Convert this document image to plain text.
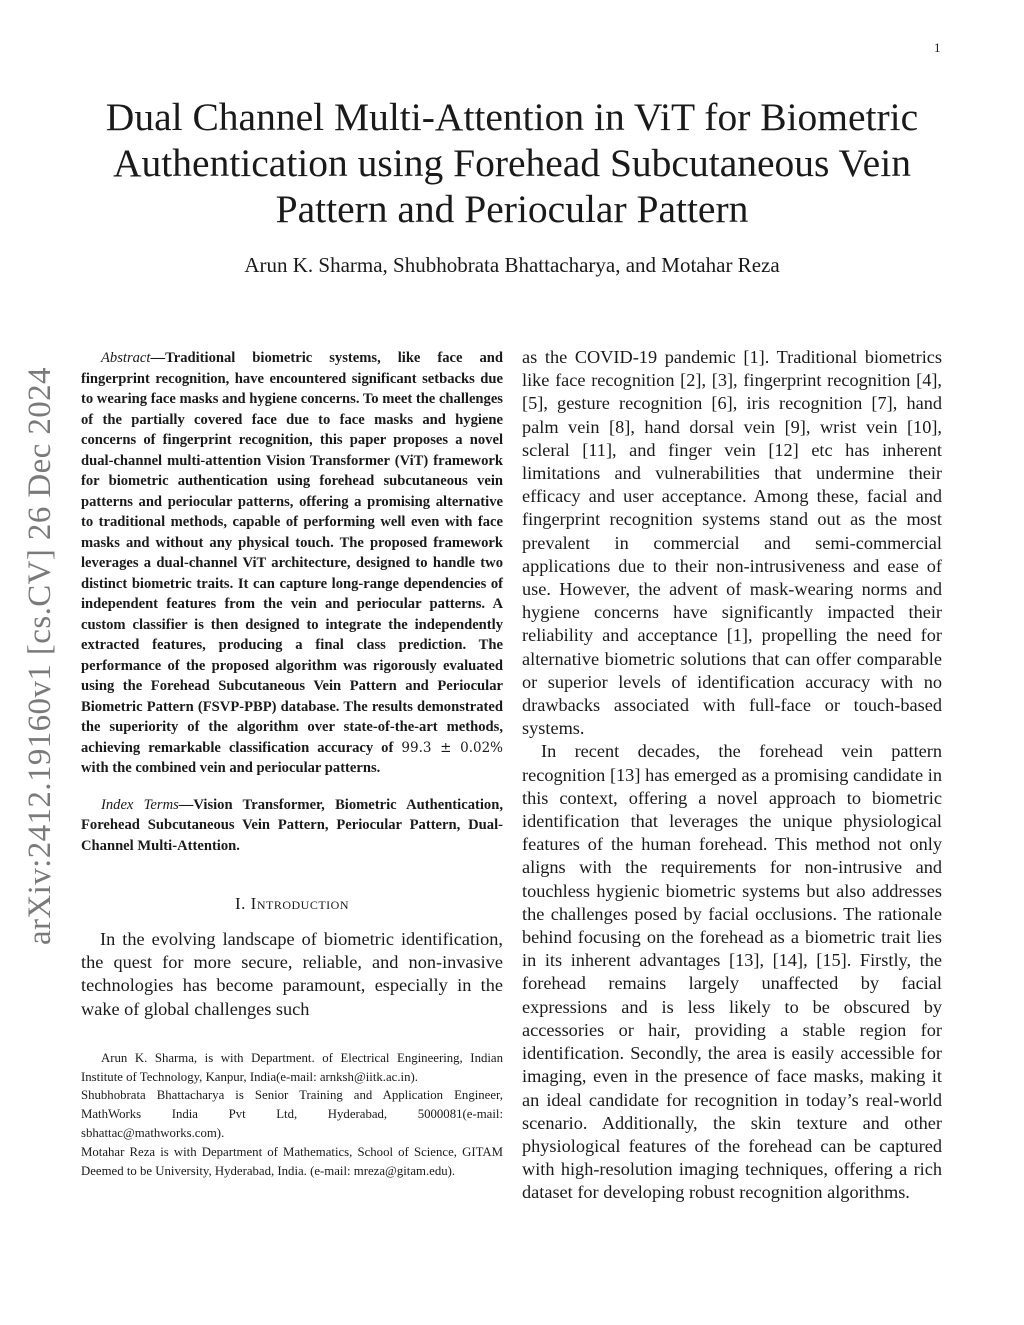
1
Dual Channel Multi-Attention in ViT for Biometric Authentication using Forehead Subcutaneous Vein Pattern and Periocular Pattern
Arun K. Sharma, Shubhobrata Bhattacharya, and Motahar Reza
arXiv:2412.19160v1 [cs.CV] 26 Dec 2024

Abstract—Traditional biometric systems, like face and fingerprint recognition, have encountered significant setbacks due to wearing face masks and hygiene concerns. To meet the challenges of the partially covered face due to face masks and hygiene concerns of fingerprint recognition, this paper proposes a novel dual-channel multi-attention Vision Transformer (ViT) framework for biometric authentication using forehead subcutaneous vein patterns and periocular patterns, offering a promising alternative to traditional methods, capable of performing well even with face masks and without any physical touch. The proposed framework leverages a dual-channel ViT architecture, designed to handle two distinct biometric traits. It can capture long-range dependencies of independent features from the vein and periocular patterns. A custom classifier is then designed to integrate the independently extracted features, producing a final class prediction. The performance of the proposed algorithm was rigorously evaluated using the Forehead Subcutaneous Vein Pattern and Periocular Biometric Pattern (FSVP-PBP) database. The results demonstrated the superiority of the algorithm over state-of-the-art methods, achieving remarkable classification accuracy of 99.3 ± 0.02% with the combined vein and periocular patterns.

Index Terms—Vision Transformer, Biometric Authentication, Forehead Subcutaneous Vein Pattern, Periocular Pattern, Dual-Channel Multi-Attention.

I. Introduction

In the evolving landscape of biometric identification, the quest for more secure, reliable, and non-invasive technologies has become paramount, especially in the wake of global challenges such

Arun K. Sharma, is with Department. of Electrical Engineering, Indian Institute of Technology, Kanpur, India(e-mail: arnksh@iitk.ac.in).

Shubhobrata Bhattacharya is Senior Training and Application Engineer, MathWorks India Pvt Ltd, Hyderabad, 5000081(e-mail: sbhattac@mathworks.com).

Motahar Reza is with Department of Mathematics, School of Science, GITAM Deemed to be University, Hyderabad, India. (e-mail: mreza@gitam.edu).

as the COVID-19 pandemic [1]. Traditional biometrics like face recognition [2], [3], fingerprint recognition [4], [5], gesture recognition [6], iris recognition [7], hand palm vein [8], hand dorsal vein [9], wrist vein [10], scleral [11], and finger vein [12] etc has inherent limitations and vulnerabilities that undermine their efficacy and user acceptance. Among these, facial and fingerprint recognition systems stand out as the most prevalent in commercial and semi-commercial applications due to their non-intrusiveness and ease of use. However, the advent of mask-wearing norms and hygiene concerns have significantly impacted their reliability and acceptance [1], propelling the need for alternative biometric solutions that can offer comparable or superior levels of identification accuracy with no drawbacks associated with full-face or touch-based systems.

In recent decades, the forehead vein pattern recognition [13] has emerged as a promising candidate in this context, offering a novel approach to biometric identification that leverages the unique physiological features of the human forehead. This method not only aligns with the requirements for non-intrusive and touchless hygienic biometric systems but also addresses the challenges posed by facial occlusions. The rationale behind focusing on the forehead as a biometric trait lies in its inherent advantages [13], [14], [15]. Firstly, the forehead remains largely unaffected by facial expressions and is less likely to be obscured by accessories or hair, providing a stable region for identification. Secondly, the area is easily accessible for imaging, even in the presence of face masks, making it an ideal candidate for recognition in today’s real-world scenario. Additionally, the skin texture and other physiological features of the forehead can be captured with high-resolution imaging techniques, offering a rich dataset for developing robust recognition algorithms.
